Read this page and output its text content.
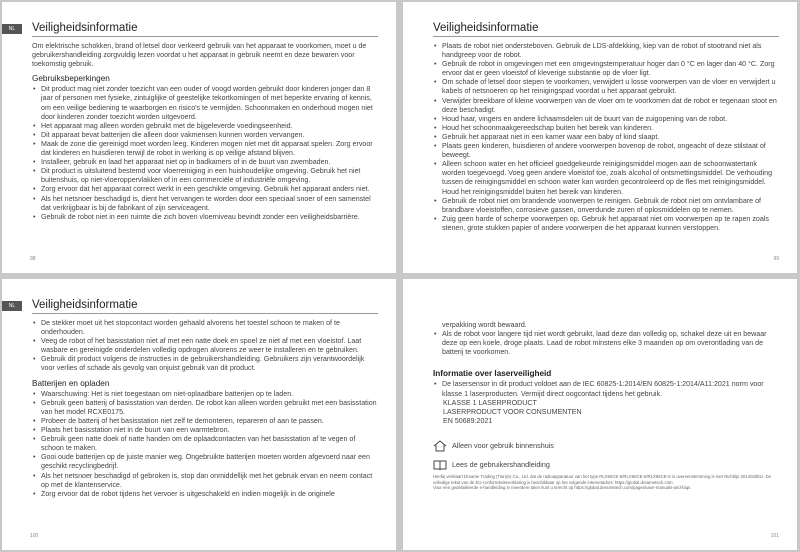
NL	Veiligheidsinformatie

Om elektrische schokken, brand of letsel door verkeerd gebruik van het apparaat te voorkomen, moet u de gebruikershandleiding zorgvuldig lezen voordat u het apparaat in gebruik neemt en deze bewaren voor toekomstig gebruik.

Gebruiksbeperkingen
• Dit product mag niet zonder toezicht van een ouder of voogd worden gebruikt door kinderen jonger dan 8 jaar of personen met fysieke, zintuiglijke of geestelijke tekortkomingen of met beperkte ervaring of kennis, om een veilige bediening te waarborgen en risico's te vermijden. Schoonmaken en onderhoud mogen niet door kinderen zonder toezicht worden uitgevoerd.
• Het apparaat mag alleen worden gebruikt met de bijgeleverde voedingseenheid.
• Dit apparaat bevat batterijen die alleen door vakmensen kunnen worden vervangen.
• Maak de zone die gereinigd moet worden leeg. Kinderen mogen niet met dit apparaat spelen. Zorg ervoor dat kinderen en huisdieren terwijl de robot in werking is op veilige afstand blijven.
• Installeer, gebruik en laad het apparaat niet op in badkamers of in de buurt van zwembaden.
• Dit product is uitsluitend bestemd voor vloerreiniging in een huishoudelijke omgeving. Gebruik het niet buitenshuis, op niet-vloeroppervlakken of in een commerciële of industriële omgeving.
• Zorg ervoor dat het apparaat correct werkt in een geschikte omgeving. Gebruik het apparaat anders niet.
• Als het netsnoer beschadigd is, dient het vervangen te worden door een speciaal snoer of een samenstel dat verkrijgbaar is bij de fabrikant of zijn serviceagent.
• Gebruik de robot niet in een ruimte die zich boven vloerniveau bevindt zonder een veiligheidsbarrière.
98
Veiligheidsinformatie
• Plaats de robot niet ondersteboven. Gebruik de LDS-afdekking, kiep van de robot of stootrand niet als handgreep voor de robot.
• Gebruik de robot in omgevingen met een omgevingstemperatuur hoger dan 0 °C en lager dan 40 °C. Zorg ervoor dat er geen vloeistof of kleverige substantie op de vloer ligt.
• Om schade of letsel door stepen te voorkomen, verwijdert u losse voorwerpen van de vloer en verwijdert u kabels of netsnoeren op het reinigingspad voordat u het apparaat gebruikt.
• Verwijder breekbare of kleine voorwerpen van de vloer om te voorkomen dat de robot er tegenaan stoot en deze beschadigt.
• Houd haar, vingers en andere lichaamsdelen uit de buurt van de zuigopening van de robot.
• Houd het schoonmaakgereedschap buiten het bereik van kinderen.
• Gebruik het apparaat niet in een kamer waar een baby of kind slaapt.
• Plaats geen kinderen, huisdieren of andere voorwerpen bovenop de robot, ongeacht of deze stilstaat of beweegt.
• Alleen schoon water en het officieel goedgekeurde reinigingsmiddel mogen aan de schoonwatertank worden toegevoegd. Voeg geen andere vloeistof toe, zoals alcohol of ontsmettingsmiddel. De verhouding tussen de reinigingsmiddel en schoon water kan worden gecontroleerd op de fles met reinigingsmiddel. Houd het reinigingsmiddel buiten het bereik van kinderen.
• Gebruik de robot niet om brandende voorwerpen te reinigen. Gebruik de robot niet om ontvlambare of brandbare vloeistoffen, corrosieve gassen, onverdunde zuren of oplosmiddelen op te nemen.
• Zuig geen harde of scherpe voorwerpen op. Gebruik het apparaat niet om voorwerpen op te rapen zoals stenen, grote stukken papier of andere voorwerpen die het apparaat kunnen verstoppen.
99
NL	Veiligheidsinformatie
• De stekker moet uit het stopcontact worden gehaald alvorens het toestel schoon te maken of te onderhouden.
• Veeg de robot of het basisstation niet af met een natte doek en spoel ze niet af met een vloeistof. Laat wasbare en gereinigde onderdelen volledig opdrogen alvorens ze weer te installeren en te gebruiken.
• Gebruik dit product volgens de instructies in de gebruikershandleiding. Gebruikers zijn verantwoordelijk voor verlies of schade als gevolg van onjuist gebruik van dit product.
Batterijen en opladen
• Waarschuwing: Het is niet toegestaan om niet-oplaadbare batterijen op te laden.
• Gebruik geen batterij of basisstation van derden. De robot kan alleen worden gebruikt met een basisstation van het model RCXE0175.
• Probeer de batterij of het basisstation niet zelf te demonteren, repareren of aan te passen.
• Plaats het basisstation niet in de buurt van een warmtebron.
• Gebruik geen natte doek of natte handen om de oplaadcontacten van het basisstation af te vegen of schoon te maken.
• Gooi oude batterijen op de juiste manier weg. Ongebruikte batterijen moeten worden afgevoerd naar een geschikt recyclingbedrijf.
• Als het netsnoer beschadigd of gebroken is, stop dan onmiddellijk met het gebruik ervan en neem contact op met de klantenservice.
• Zorg ervoor dat de robot tijdens het vervoer is uitgeschakeld en indien mogelijk in de originele
100
verpakking wordt bewaard.
• Als de robot voor langere tijd niet wordt gebruikt, laad deze dan volledig op, schakel deze uit en bewaar deze op een koele, droge plaats. Laad de robot minstens elke 3 maanden op om overontlading van de batterij te voorkomen.
Informatie over laserveiligheid
• De lasersensor in dit product voldoet aan de IEC 60825-1:2014/EN 60825-1:2014/A11:2021 norm voor klasse 1 laserproducten. Vermijd direct oogcontact tijdens het gebruik.
KLASSE 1 LASERPRODUCT
LASERPRODUCT VOOR CONSUMENTEN
EN 50689:2021
Alleen voor gebruik binnenshuis
Lees de gebruikershandleiding
Hierbij verklaart Dreame Trading (Tianjin) Co., Ltd. dat de radioapparatuur van het type RLX65CE-6/RLX65CE-5/RLX65CE-6 in overeenstemming is met Richtlijn 2014/53/EU. De volledige tekst van de EU-conformiteitsverklaring is beschikbaar op het volgende internetadres: https://global.dreametech.com
Voor een gedetailleerde e-handleiding in meerdere talen kunt u terecht op https://global.dreametech.com/pages/user-manuals-and-faqs
101
